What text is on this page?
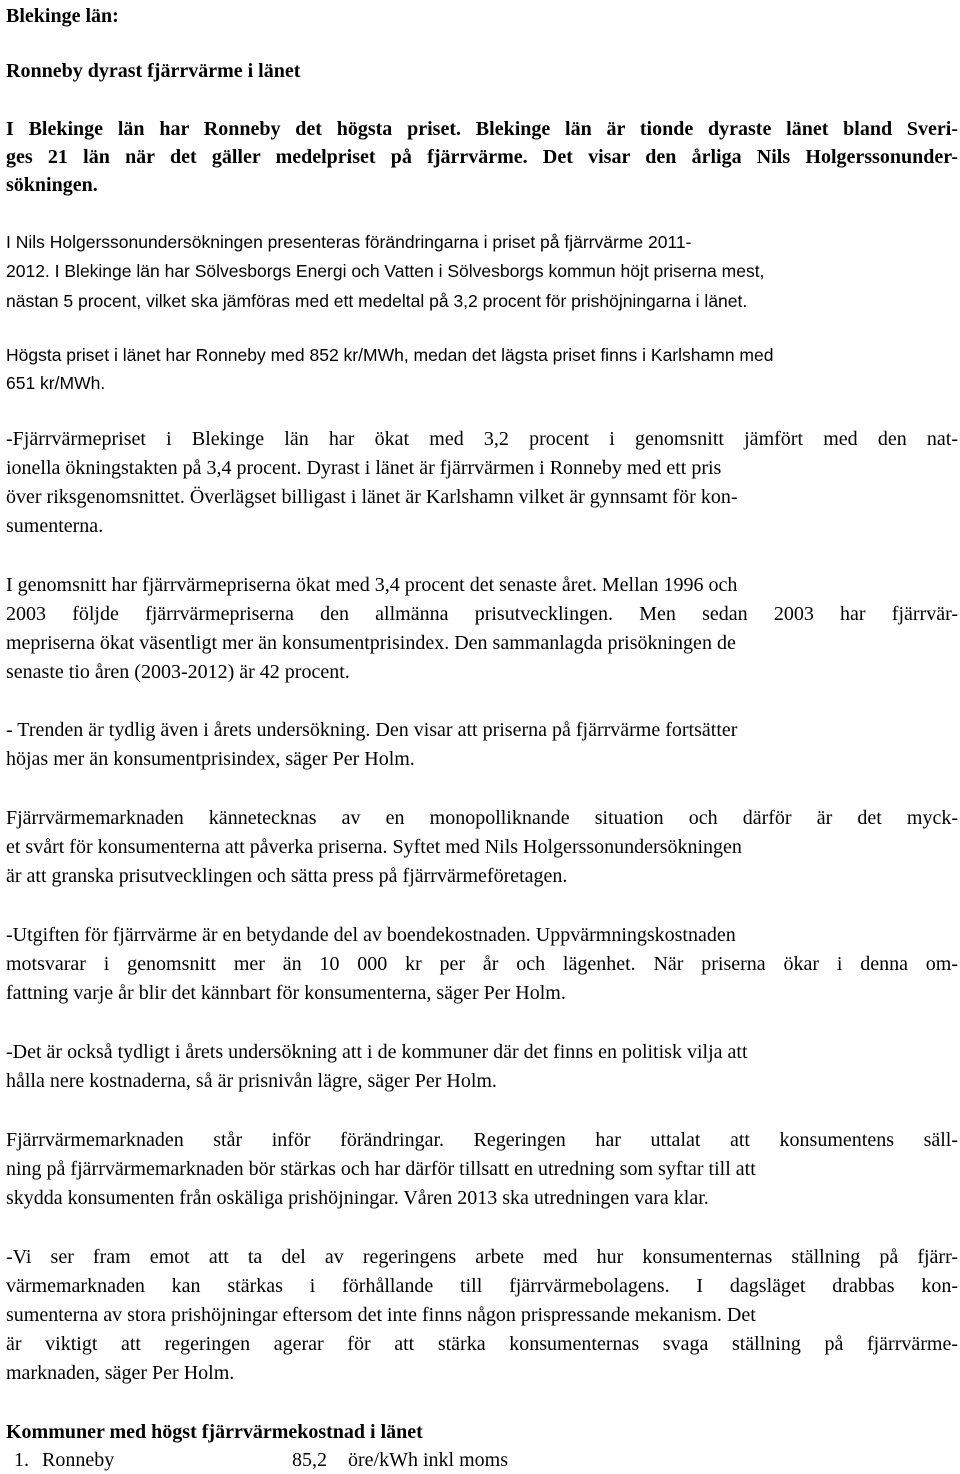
Blekinge län:
Ronneby dyrast fjärrvärme i länet
I Blekinge län har Ronneby det högsta priset. Blekinge län är tionde dyraste länet bland Sveri-
ges 21 län när det gäller medelpriset på fjärrvärme. Det visar den årliga Nils Holgerssonunder-
sökningen.
I Nils Holgerssonundersökningen presenteras förändringarna i priset på fjärrvärme 2011-
2012. I Blekinge län har Sölvesborgs Energi och Vatten i Sölvesborgs kommun höjt priserna mest,
nästan 5 procent, vilket ska jämföras med ett medeltal på 3,2 procent för prishöjningarna i länet.
Högsta priset i länet har Ronneby med 852 kr/MWh, medan det lägsta priset finns i Karlshamn med
651 kr/MWh.
-Fjärrvärmepriset i Blekinge län har ökat med 3,2 procent i genomsnitt jämfört med den nat-
ionella ökningstakten på 3,4 procent. Dyrast i länet är fjärrvärmen i Ronneby med ett pris
över riksgenomsnittet. Överlägset billigast i länet är Karlshamn vilket är gynnsamt för kon-
sumenterna.
I genomsnitt har fjärrvärmepriserna ökat med 3,4 procent det senaste året. Mellan 1996 och
2003 följde fjärrvärmepriserna den allmänna prisutvecklingen. Men sedan 2003 har fjärrvär-
mepriserna ökat väsentligt mer än konsumentprisindex. Den sammanlagda prisökningen de
senaste tio åren (2003-2012) är 42 procent.
- Trenden är tydlig även i årets undersökning. Den visar att priserna på fjärrvärme fortsätter
höjas mer än konsumentprisindex, säger Per Holm.
Fjärrvärmemarknaden kännetecknas av en monopolliknande situation och därför är det myck-
et svårt för konsumenterna att påverka priserna. Syftet med Nils Holgerssonundersökningen
är att granska prisutvecklingen och sätta press på fjärrvärmeföretagen.
-Utgiften för fjärrvärme är en betydande del av boendekostnaden. Uppvärmningskostnaden
motsvarar i genomsnitt mer än 10 000 kr per år och lägenhet. När priserna ökar i denna om-
fattning varje år blir det kännbart för konsumenterna, säger Per Holm.
-Det är också tydligt i årets undersökning att i de kommuner där det finns en politisk vilja att
hålla nere kostnaderna, så är prisnivån lägre, säger Per Holm.
Fjärrvärmemarknaden står inför förändringar. Regeringen har uttalat att konsumentens säll-
ning på fjärrvärmemarknaden bör stärkas och har därför tillsatt en utredning som syftar till att
skydda konsumenten från oskäliga prishöjningar. Våren 2013 ska utredningen vara klar.
-Vi ser fram emot att ta del av regeringens arbete med hur konsumenternas ställning på fjärr-
värmemarknaden kan stärkas i förhållande till fjärrvärmebolagens. I dagsläget drabbas kon-
sumenterna av stora prishöjningar eftersom det inte finns någon prispressande mekanism. Det
är viktigt att regeringen agerar för att stärka konsumenternas svaga ställning på fjärrvärme-
marknaden, säger Per Holm.
Kommuner med högst fjärrvärmekostnad i länet
1. Ronneby	85,2 öre/kWh inkl moms
